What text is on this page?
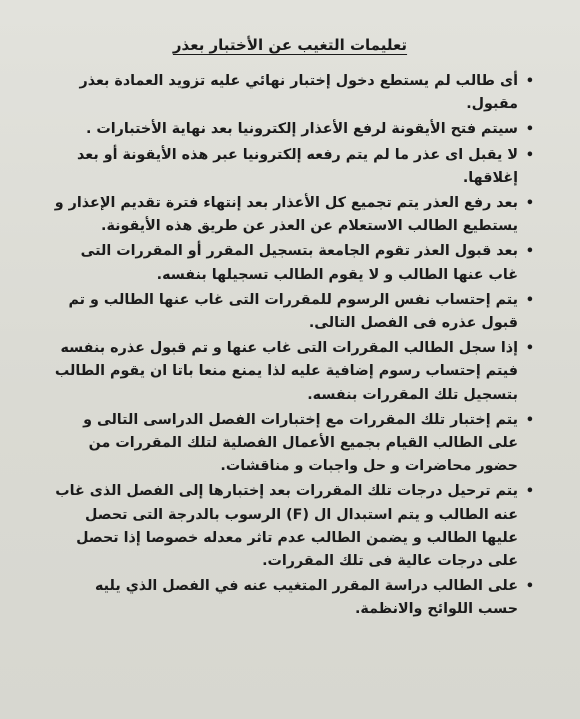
تعليمات التغيب عن الأختبار بعذر
•
أى طالب لم يستطع دخول إختبار نهائي عليه تزويد العمادة بعذر مقبول.
•
سيتم فتح الأيقونة لرفع الأعذار إلكترونيا بعد نهاية الأختبارات .
•
لا يقبل اى عذر ما لم يتم رفعه إلكترونيا عبر هذه الأيقونة أو بعد إغلاقها.
•
بعد رفع العذر يتم تجميع كل الأعذار بعد إنتهاء فترة تقديم الإعذار و يستطيع الطالب الاستعلام عن العذر عن طريق هذه الأيقونة.
•
بعد قبول العذر تقوم الجامعة بتسجيل المقرر أو المقررات التى غاب عنها الطالب و لا يقوم الطالب تسجيلها بنفسه.
•
يتم إحتساب نفس الرسوم للمقررات التى غاب عنها الطالب و تم قبول عذره فى الفصل التالى.
•
إذا سجل الطالب المقررات التى غاب عنها و تم قبول عذره بنفسه فيتم إحتساب رسوم إضافية عليه لذا يمنع منعا باتا ان يقوم الطالب بتسجيل تلك المقررات بنفسه.
•
يتم إختبار تلك المقررات مع إختبارات الفصل الدراسى التالى و على الطالب القيام بجميع الأعمال الفصلية لتلك المقررات من حضور محاضرات و حل واجبات و مناقشات.
•
يتم ترحيل درجات تلك المقررات بعد إختبارها إلى الفصل الذى غاب عنه الطالب و يتم استبدال ال (F) الرسوب بالدرجة التى تحصل عليها الطالب و يضمن الطالب عدم تاثر معدله خصوصا إذا تحصل على درجات عالية فى تلك المقررات.
•
على الطالب دراسة المقرر المتغيب عنه في الفصل الذي يليه حسب اللوائح والانظمة.
